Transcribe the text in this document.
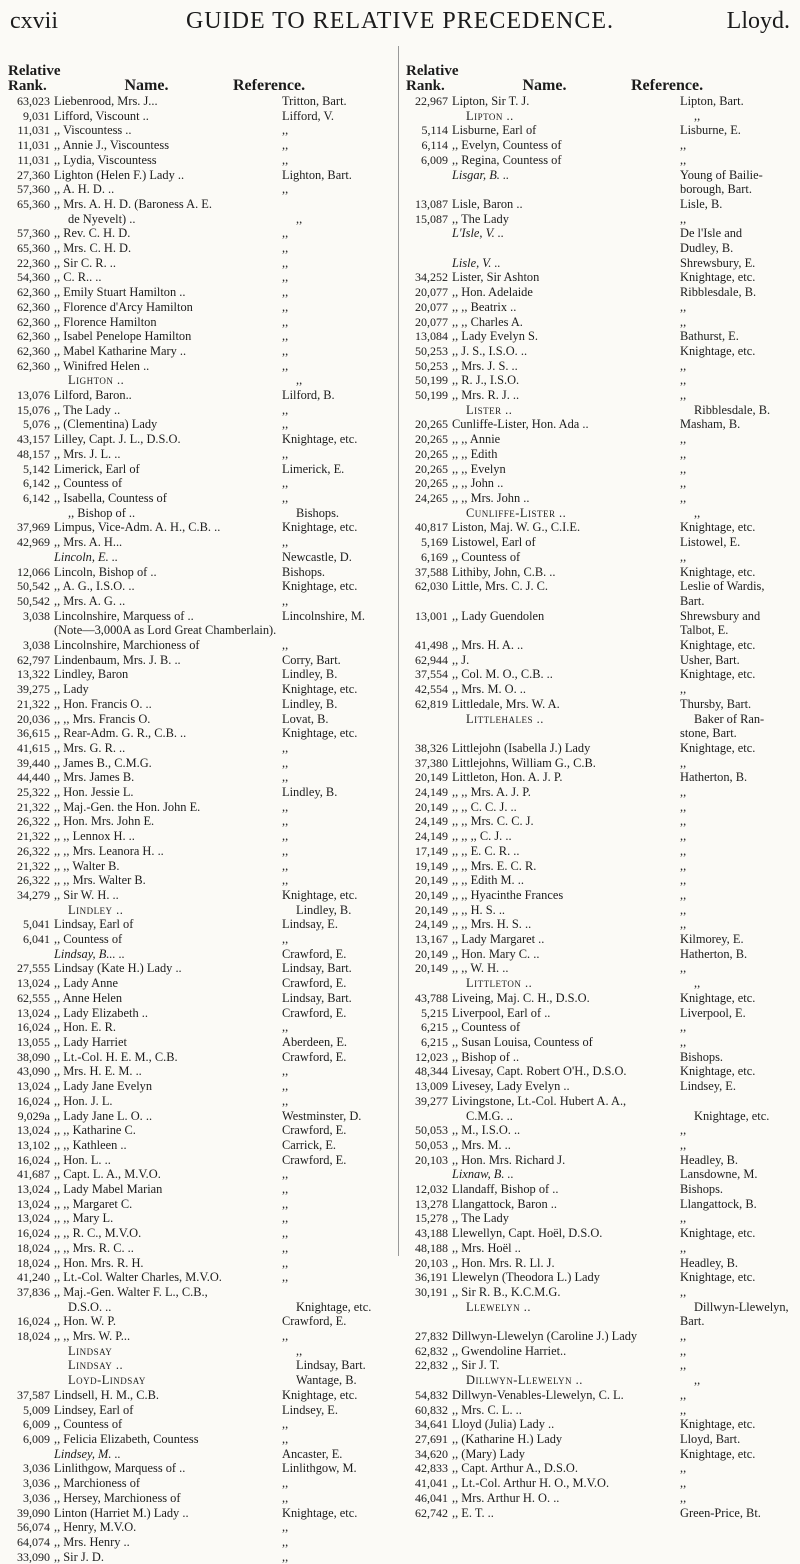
cxvii	GUIDE TO RELATIVE PRECEDENCE.	Lloyd.
Relative Rank.	Name.	Reference.
63,023 Liebenrood, Mrs. J...	Tritton, Bart.
9,031 Lifford, Viscount ..	Lifford, V.
11,031 ,, Viscountess ..	,,
11,031 ,, Annie J., Viscountess	,,
11,031 ,, Lydia, Viscountess	,,
27,360 Lighton (Helen F.) Lady ..	Lighton, Bart.
57,360 ,, A. H. D. ..	,,
65,360 ,, Mrs. A. H. D. (Baroness A. E.
de Nyevelt) ..	,,
57,360 ,, Rev. C. H. D.	,,
65,360 ,, Mrs. C. H. D.	,,
22,360 ,, Sir C. R. ..	,,
54,360 ,, C. R.. ..	,,
62,360 ,, Emily Stuart Hamilton ..	,,
62,360 ,, Florence d'Arcy Hamilton	,,
62,360 ,, Florence Hamilton	,,
62,360 ,, Isabel Penelope Hamilton	,,
62,360 ,, Mabel Katharine Mary ..	,,
62,360 ,, Winifred Helen ..	,,
Lighton ..	,,
13,076 Lilford, Baron..	Lilford, B.
15,076 ,, The Lady ..	,,
5,076 ,, (Clementina) Lady	,,
43,157 Lilley, Capt. J. L., D.S.O.	Knightage, etc.
48,157 ,, Mrs. J. L. ..	,,
5,142 Limerick, Earl of	Limerick, E.
6,142 ,, Countess of	,,
6,142 ,, Isabella, Countess of	,,
,, Bishop of ..	Bishops.
37,969 Limpus, Vice-Adm. A. H., C.B. ..	Knightage, etc.
42,969 ,, Mrs. A. H...	,,
Lincoln, E. ..	Newcastle, D.
12,066 Lincoln, Bishop of ..	Bishops.
50,542 ,, A. G., I.S.O. ..	Knightage, etc.
50,542 ,, Mrs. A. G. ..	,,
3,038 Lincolnshire, Marquess of ..	Lincolnshire, M.
(Note—3,000A as Lord Great Chamberlain).
3,038 Lincolnshire, Marchioness of	,,
62,797 Lindenbaum, Mrs. J. B. ..	Corry, Bart.
13,322 Lindley, Baron	Lindley, B.
39,275 ,, Lady	Knightage, etc.
21,322 ,, Hon. Francis O. ..	Lindley, B.
20,036 ,, ,, Mrs. Francis O.	Lovat, B.
36,615 ,, Rear-Adm. G. R., C.B. ..	Knightage, etc.
41,615 ,, Mrs. G. R. ..	,,
39,440 ,, James B., C.M.G.	,,
44,440 ,, Mrs. James B.	,,
25,322 ,, Hon. Jessie L.	Lindley, B.
21,322 ,, Maj.-Gen. the Hon. John E.	,,
26,322 ,, Hon. Mrs. John E.	,,
21,322 ,, ,, Lennox H. ..	,,
26,322 ,, ,, Mrs. Leanora H. ..	,,
21,322 ,, ,, Walter B.	,,
26,322 ,, ,, Mrs. Walter B.	,,
34,279 ,, Sir W. H. ..	Knightage, etc.
Lindley ..	Lindley, B.
5,041 Lindsay, Earl of	Lindsay, E.
6,041 ,, Countess of	,,
Lindsay, B... ..	Crawford, E.
27,555 Lindsay (Kate H.) Lady ..	Lindsay, Bart.
13,024 ,, Lady Anne	Crawford, E.
62,555 ,, Anne Helen	Lindsay, Bart.
13,024 ,, Lady Elizabeth ..	Crawford, E.
16,024 ,, Hon. E. R.	,,
13,055 ,, Lady Harriet	Aberdeen, E.
38,090 ,, Lt.-Col. H. E. M., C.B.	Crawford, E.
43,090 ,, Mrs. H. E. M. ..	,,
13,024 ,, Lady Jane Evelyn	,,
16,024 ,, Hon. J. L.	,,
9,029a ,, Lady Jane L. O. ..	Westminster, D.
13,024 ,, ,, Katharine C.	Crawford, E.
13,102 ,, ,, Kathleen ..	Carrick, E.
16,024 ,, Hon. L. ..	Crawford, E.
41,687 ,, Capt. L. A., M.V.O.	,,
13,024 ,, Lady Mabel Marian	,,
13,024 ,, ,, Margaret C.	,,
13,024 ,, ,, Mary L.	,,
16,024 ,, ,, R. C., M.V.O.	,,
18,024 ,, ,, Mrs. R. C. ..	,,
18,024 ,, Hon. Mrs. R. H.	,,
41,240 ,, Lt.-Col. Walter Charles, M.V.O.	,,
37,836 ,, Maj.-Gen. Walter F. L., C.B.,
D.S.O. ..	Knightage, etc.
16,024 ,, Hon. W. P.	Crawford, E.
18,024 ,, ,, Mrs. W. P...	,,
Lindsay	,,
Lindsay ..	Lindsay, Bart.
Loyd-Lindsay	Wantage, B.
37,587 Lindsell, H. M., C.B.	Knightage, etc.
5,009 Lindsey, Earl of	Lindsey, E.
6,009 ,, Countess of	,,
6,009 ,, Felicia Elizabeth, Countess	,,
Lindsey, M. ..	Ancaster, E.
3,036 Linlithgow, Marquess of ..	Linlithgow, M.
3,036 ,, Marchioness of	,,
3,036 ,, Hersey, Marchioness of	,,
39,090 Linton (Harriet M.) Lady ..	Knightage, etc.
56,074 ,, Henry, M.V.O.	,,
64,074 ,, Mrs. Henry ..	,,
33,090 ,, Sir J. D.	,,
Relative Rank.	Name.	Reference.
22,967 Lipton, Sir T. J.	Lipton, Bart.
Lipton ..	,,
5,114 Lisburne, Earl of	Lisburne, E.
6,114 ,, Evelyn, Countess of	,,
6,009 ,, Regina, Countess of	,,
Lisgar, B. ..	Young of Bailie-
borough, Bart.
13,087 Lisle, Baron ..	Lisle, B.
15,087 ,, The Lady	,,
L'Isle, V. ..	De l'Isle and
Dudley, B.
Lisle, V. ..	Shrewsbury, E.
34,252 Lister, Sir Ashton	Knightage, etc.
20,077 ,, Hon. Adelaide	Ribblesdale, B.
20,077 ,, ,, Beatrix ..	,,
20,077 ,, ,, Charles A.	,,
13,084 ,, Lady Evelyn S.	Bathurst, E.
50,253 ,, J. S., I.S.O. ..	Knightage, etc.
50,253 ,, Mrs. J. S. ..	,,
50,199 ,, R. J., I.S.O.	,,
50,199 ,, Mrs. R. J. ..	,,
Lister ..	Ribblesdale, B.
20,265 Cunliffe-Lister, Hon. Ada ..	Masham, B.
20,265 ,, ,, Annie	,,
20,265 ,, ,, Edith	,,
20,265 ,, ,, Evelyn	,,
20,265 ,, ,, John ..	,,
24,265 ,, ,, Mrs. John ..	,,
Cunliffe-Lister ..	,,
40,817 Liston, Maj. W. G., C.I.E.	Knightage, etc.
5,169 Listowel, Earl of	Listowel, E.
6,169 ,, Countess of	,,
37,588 Lithiby, John, C.B. ..	Knightage, etc.
62,030 Little, Mrs. C. J. C.	Leslie of Wardis,
Bart.
13,001 ,, Lady Guendolen	Shrewsbury and
Talbot, E.
41,498 ,, Mrs. H. A. ..	Knightage, etc.
62,944 ,, J.	Usher, Bart.
37,554 ,, Col. M. O., C.B. ..	Knightage, etc.
42,554 ,, Mrs. M. O. ..	,,
62,819 Littledale, Mrs. W. A.	Thursby, Bart.
Littlehales ..	Baker of Ran-
stone, Bart.
38,326 Littlejohn (Isabella J.) Lady	Knightage, etc.
37,380 Littlejohns, William G., C.B.	,,
20,149 Littleton, Hon. A. J. P.	Hatherton, B.
24,149 ,, ,, Mrs. A. J. P.	,,
20,149 ,, ,, C. C. J. ..	,,
24,149 ,, ,, Mrs. C. C. J.	,,
24,149 ,, ,, ,, C. J. ..	,,
17,149 ,, ,, E. C. R. ..	,,
19,149 ,, ,, Mrs. E. C. R.	,,
20,149 ,, ,, Edith M. ..	,,
20,149 ,, ,, Hyacinthe Frances	,,
20,149 ,, ,, H. S. ..	,,
24,149 ,, ,, Mrs. H. S. ..	,,
13,167 ,, Lady Margaret ..	Kilmorey, E.
20,149 ,, Hon. Mary C. ..	Hatherton, B.
20,149 ,, ,, W. H. ..	,,
Littleton ..	,,
43,788 Liveing, Maj. C. H., D.S.O.	Knightage, etc.
5,215 Liverpool, Earl of ..	Liverpool, E.
6,215 ,, Countess of	,,
6,215 ,, Susan Louisa, Countess of	,,
12,023 ,, Bishop of ..	Bishops.
48,344 Livesay, Capt. Robert O'H., D.S.O.	Knightage, etc.
13,009 Livesey, Lady Evelyn ..	Lindsey, E.
39,277 Livingstone, Lt.-Col. Hubert A. A.,
C.M.G. ..	Knightage, etc.
50,053 ,, M., I.S.O. ..	,,
50,053 ,, Mrs. M. ..	,,
20,103 ,, Hon. Mrs. Richard J.	Headley, B.
Lixnaw, B. ..	Lansdowne, M.
12,032 Llandaff, Bishop of ..	Bishops.
13,278 Llangattock, Baron ..	Llangattock, B.
15,278 ,, The Lady	,,
43,188 Llewellyn, Capt. Hoël, D.S.O.	Knightage, etc.
48,188 ,, Mrs. Hoël ..	,,
20,103 ,, Hon. Mrs. R. Ll. J.	Headley, B.
36,191 Llewelyn (Theodora L.) Lady	Knightage, etc.
30,191 ,, Sir R. B., K.C.M.G.	,,
Llewelyn ..	Dillwyn-Llewelyn,
Bart.
27,832 Dillwyn-Llewelyn (Caroline J.) Lady	,,
62,832 ,, Gwendoline Harriet..	,,
22,832 ,, Sir J. T.	,,
Dillwyn-Llewelyn ..	,,
54,832 Dillwyn-Venables-Llewelyn, C. L.	,,
60,832 ,, Mrs. C. L. ..	,,
34,641 Lloyd (Julia) Lady ..	Knightage, etc.
27,691 ,, (Katharine H.) Lady	Lloyd, Bart.
34,620 ,, (Mary) Lady	Knightage, etc.
42,833 ,, Capt. Arthur A., D.S.O.	,,
41,041 ,, Lt.-Col. Arthur H. O., M.V.O.	,,
46,041 ,, Mrs. Arthur H. O. ..	,,
62,742 ,, E. T. ..	Green-Price, Bt.
